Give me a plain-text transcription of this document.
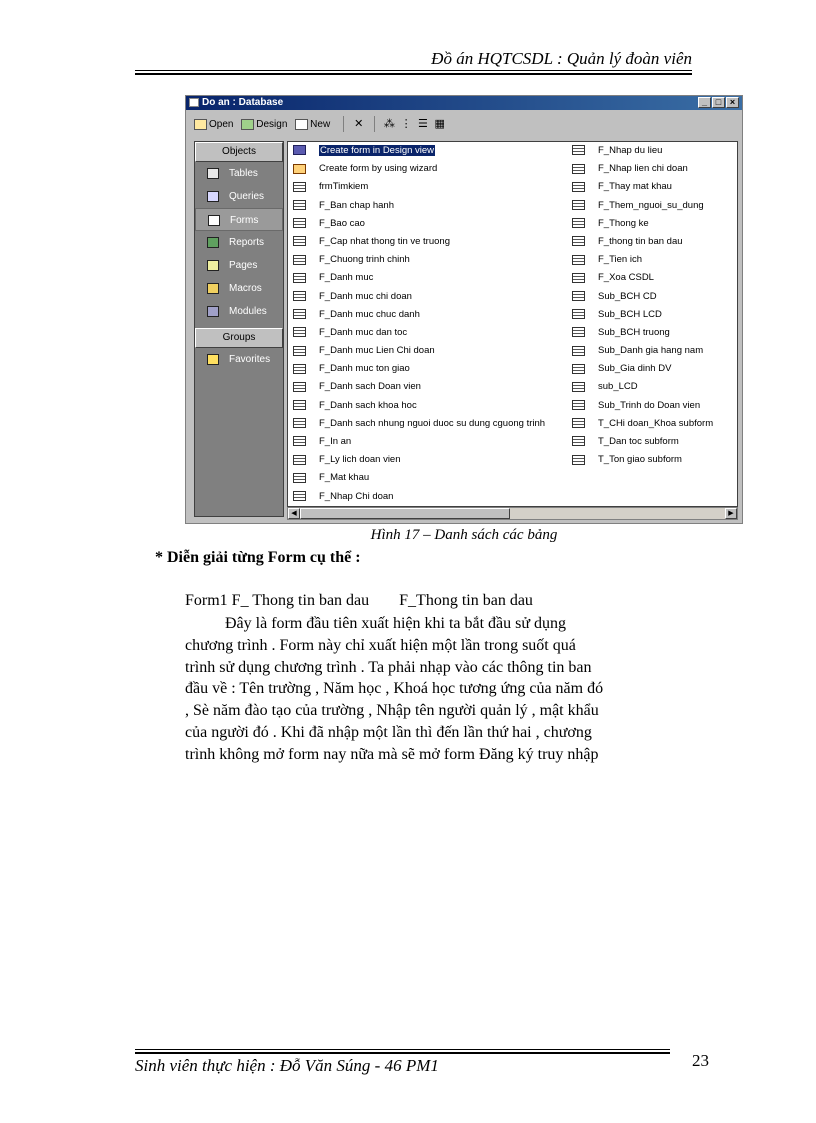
Đồ án HQTCSDL : Quản lý đoàn viên
Do an : Database	_ □ ×
Open Design New ✕ ⁂ ⋮ ☰ ▦
Objects
Tables
Queries
Forms
Reports
Pages
Macros
Modules
Groups
Favorites
Create form in Design view
Create form by using wizard
frmTimkiem
F_Ban chap hanh
F_Bao cao
F_Cap nhat thong tin ve truong
F_Chuong trinh chinh
F_Danh muc
F_Danh muc chi doan
F_Danh muc chuc danh
F_Danh muc dan toc
F_Danh muc Lien Chi doan
F_Danh muc ton giao
F_Danh sach Doan vien
F_Danh sach khoa hoc
F_Danh sach nhung nguoi duoc su dung cguong trinh
F_In an
F_Ly lich doan vien
F_Mat khau
F_Nhap Chi doan
F_Nhap du lieu
F_Nhap lien chi doan
F_Thay mat khau
F_Them_nguoi_su_dung
F_Thong ke
F_thong tin ban dau
F_Tien ich
F_Xoa CSDL
Sub_BCH CD
Sub_BCH LCD
Sub_BCH truong
Sub_Danh gia hang nam
Sub_Gia dinh DV
sub_LCD
Sub_Trinh do Doan vien
T_CHi doan_Khoa subform
T_Dan toc subform
T_Ton giao subform
◀	▶
Hình 17 – Danh sách các bảng
* Diễn giải từng Form cụ thể :
Form1 F_ Thong tin ban dau F_Thong tin ban dau
Đây là form đầu tiên xuất hiện khi ta bắt đầu sử dụng
chương trình . Form này chỉ xuất hiện một lần trong suốt quá
trình sử dụng chương trình . Ta phải nhạp vào các thông tin ban
đầu về : Tên trường , Năm học , Khoá học tương ứng của năm đó
, Sè năm đào tạo của trường , Nhập tên người quản lý , mật khẩu
của người đó . Khi đã nhập một lần thì đến lần thứ hai , chương
trình không mở form nay nữa mà sẽ mở form Đăng ký truy nhập
Sinh viên thực hiện : Đỗ Văn Súng - 46 PM1	23
